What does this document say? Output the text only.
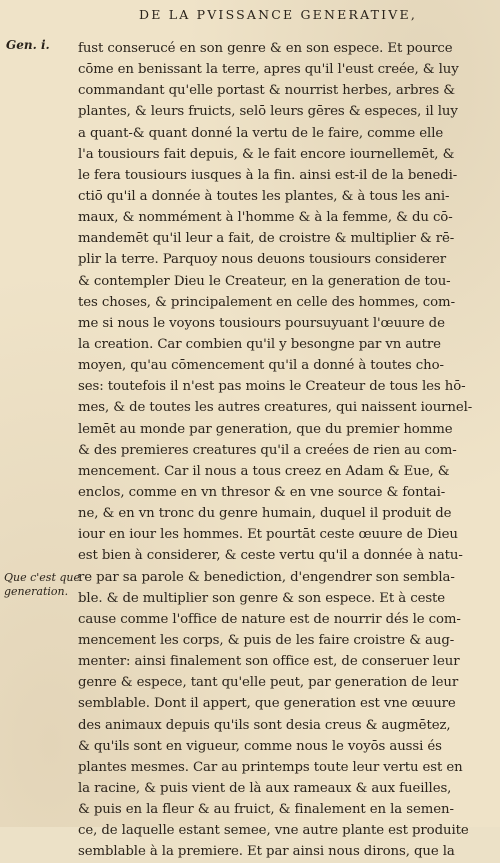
DE LA PVISSANCE GENERATIVE,
Gen. i.
Que c'est que
generation.
fust conserucé en son genre & en son espece. Et pource
cōme en benissant la terre, apres qu'il l'eust creée, & luy
commandant qu'elle portast & nourrist herbes, arbres &
plantes, & leurs fruicts, selō leurs gēres & especes, il luy
a quant-& quant donné la vertu de le faire, comme elle
l'a tousiours fait depuis, & le fait encore iournellemēt, &
le fera tousiours iusques à la fin. ainsi est-il de la benedi-
ctiō qu'il a donnée à toutes les plantes, & à tous les ani-
maux, & nommément à l'homme & à la femme, & du cō-
mandemēt qu'il leur a fait, de croistre & multiplier & rē-
plir la terre. Parquoy nous deuons tousiours considerer
& contempler Dieu le Createur, en la generation de tou-
tes choses, & principalement en celle des hommes, com-
me si nous le voyons tousiours poursuyuant l'œuure de
la creation. Car combien qu'il y besongne par vn autre
moyen, qu'au cōmencement qu'il a donné à toutes cho-
ses: toutefois il n'est pas moins le Createur de tous les hō-
mes, & de toutes les autres creatures, qui naissent iournel-
lemēt au monde par generation, que du premier homme
& des premieres creatures qu'il a creées de rien au com-
mencement. Car il nous a tous creez en Adam & Eue, &
enclos, comme en vn thresor & en vne source & fontai-
ne, & en vn tronc du genre humain, duquel il produit de
iour en iour les hommes. Et pourtāt ceste œuure de Dieu
est bien à considerer, & ceste vertu qu'il a donnée à natu-
re par sa parole & benediction, d'engendrer son sembla-
ble. & de multiplier son genre & son espece. Et à ceste
cause comme l'office de nature est de nourrir dés le com-
mencement les corps, & puis de les faire croistre & aug-
menter: ainsi finalement son office est, de conseruer leur
genre & espece, tant qu'elle peut, par generation de leur
semblable. Dont il appert, que generation est vne œuure
des animaux depuis qu'ils sont desia creus & augmētez,
& qu'ils sont en vigueur, comme nous le voyōs aussi és
plantes mesmes. Car au printemps toute leur vertu est en
la racine, & puis vient de là aux rameaux & aux fueilles,
& puis en la fleur & au fruict, & finalement en la semen-
ce, de laquelle estant semee, vne autre plante est produite
semblable à la premiere. Et par ainsi nous dirons, que la
